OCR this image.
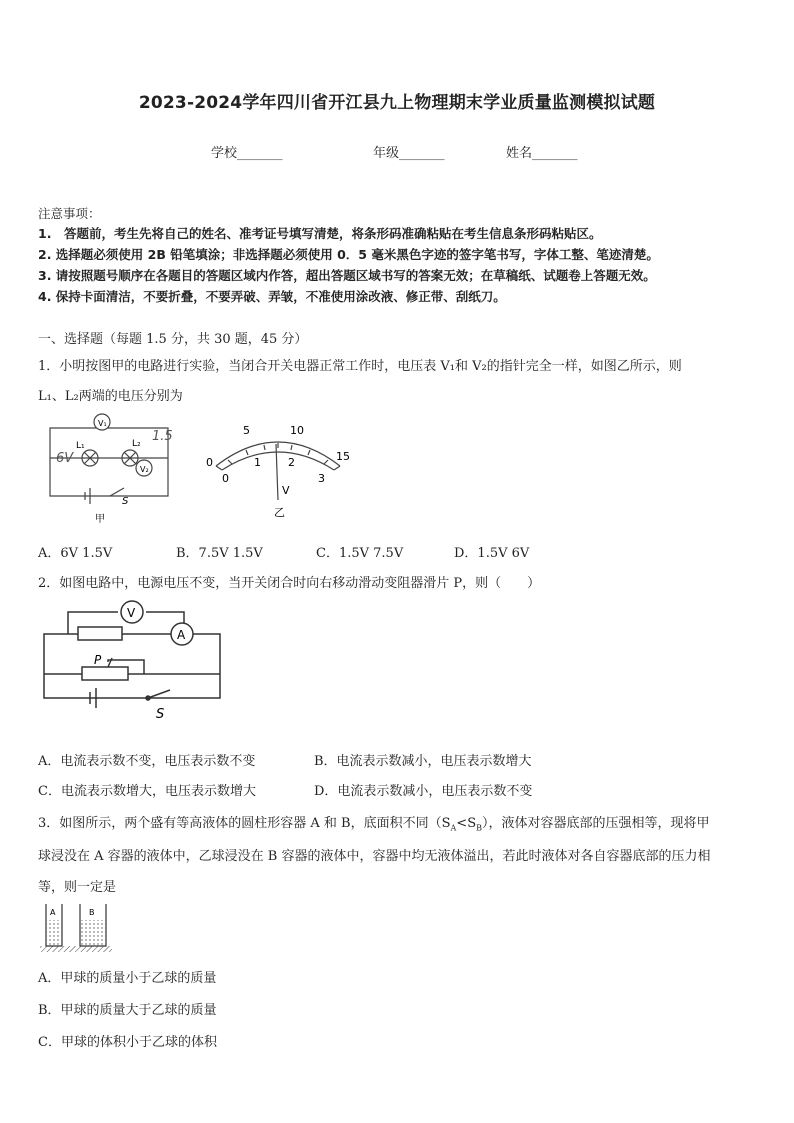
2023-2024学年四川省开江县九上物理期末学业质量监测模拟试题
学校_______	年级_______	姓名_______
注意事项：
1.　答题前，考生先将自己的姓名、准考证号填写清楚，将条形码准确粘贴在考生信息条形码粘贴区。
2. 选择题必须使用 2B 铅笔填涂；非选择题必须使用 0．5 毫米黑色字迹的签字笔书写，字体工整、笔迹清楚。
3. 请按照题号顺序在各题目的答题区域内作答，超出答题区域书写的答案无效；在草稿纸、试题卷上答题无效。
4. 保持卡面清洁，不要折叠，不要弄破、弄皱，不准使用涂改液、修正带、刮纸刀。
一、选择题（每题 1.5 分，共 30 题，45 分）
1．小明按图甲的电路进行实验，当闭合开关电器正常工作时，电压表 V₁和 V₂的指针完全一样，如图乙所示，则
L₁、L₂两端的电压分别为
V₁
V₂
L₁	L₂
6V
1.5
S
甲
0
5	10
15
0
1 2
3
V
乙
A．6V 1.5V	B．7.5V 1.5V	C．1.5V 7.5V	D．1.5V 6V
2．如图电路中，电源电压不变，当开关闭合时向右移动滑动变阻器滑片 P，则（　　）
V
A
P
S
A．电流表示数不变，电压表示数不变	B．电流表示数减小，电压表示数增大
C．电流表示数增大，电压表示数增大	D．电流表示数减小，电压表示数不变
3．如图所示，两个盛有等高液体的圆柱形容器 A 和 B，底面积不同$(S_A<S_B)$，液体对容器底部的压强相等，现将甲
球浸没在 A 容器的液体中，乙球浸没在 B 容器的液体中，容器中均无液体溢出，若此时液体对各自容器底部的压力相
等，则一定是
A	B
A．甲球的质量小于乙球的质量
B．甲球的质量大于乙球的质量
C．甲球的体积小于乙球的体积
